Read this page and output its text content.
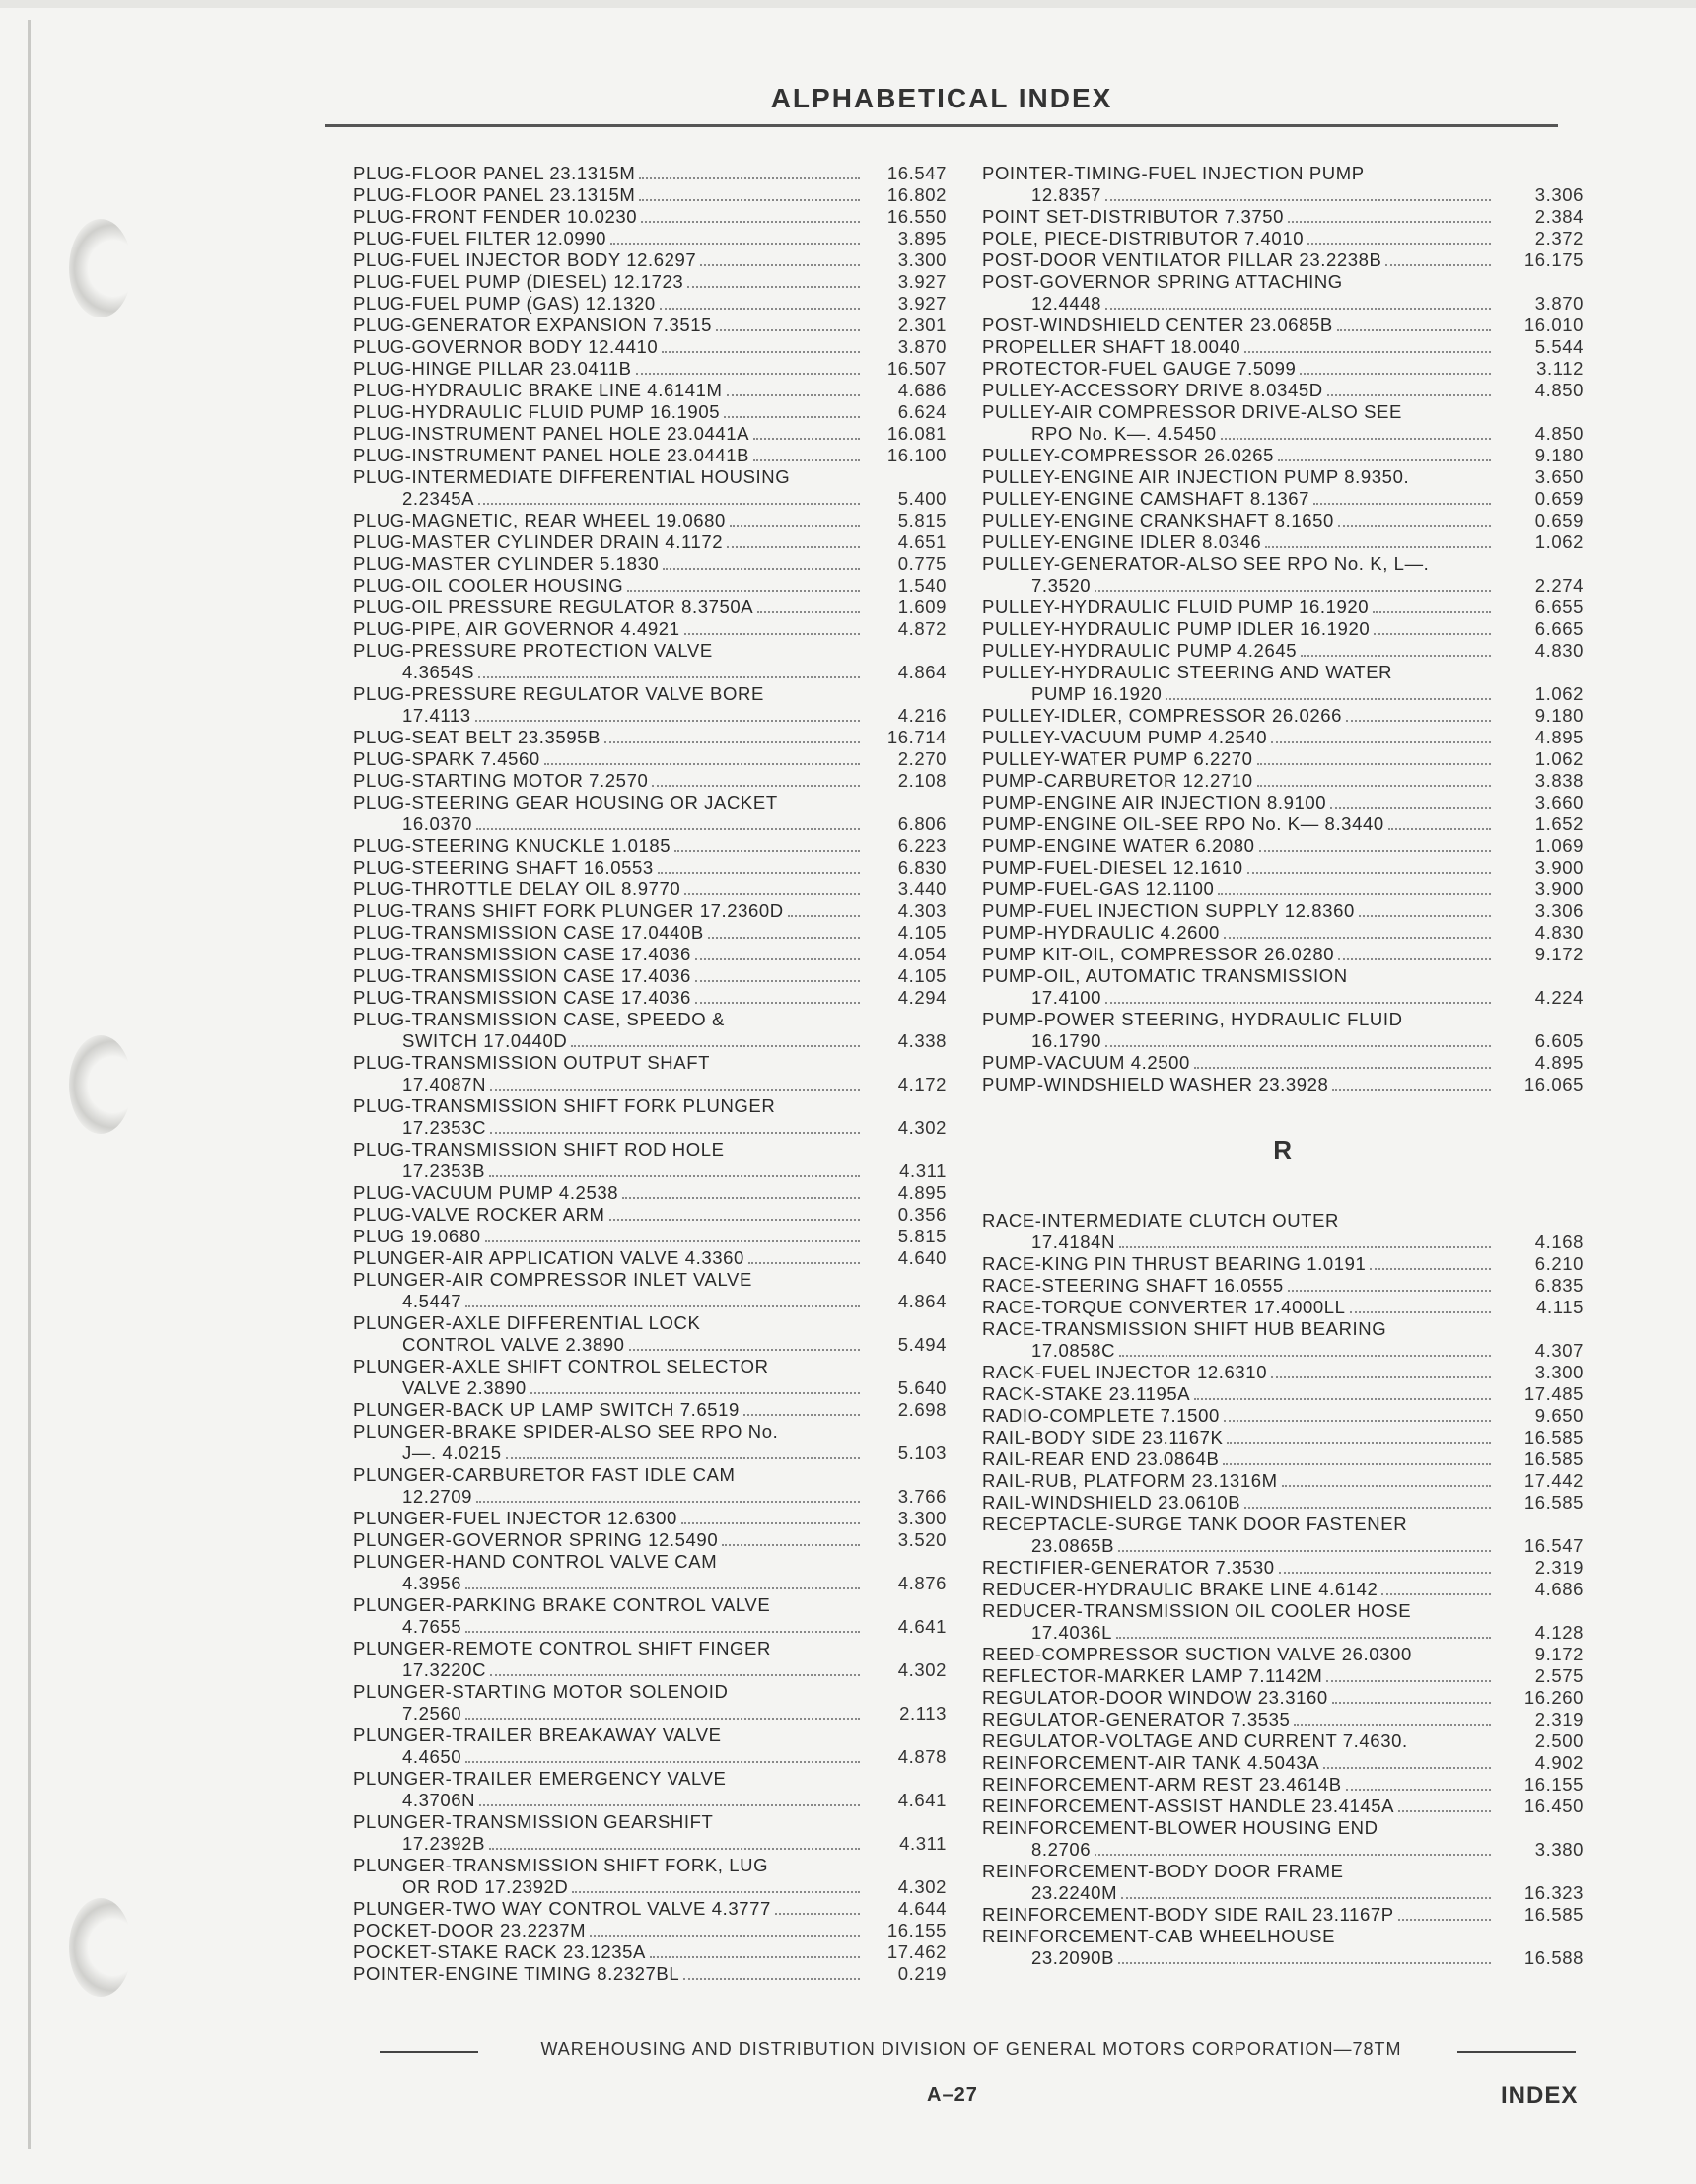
ALPHABETICAL INDEX
PLUG-FLOOR PANEL 23.1315M	16.547
PLUG-FLOOR PANEL 23.1315M	16.802
PLUG-FRONT FENDER 10.0230	16.550
PLUG-FUEL FILTER 12.0990	3.895
PLUG-FUEL INJECTOR BODY 12.6297	3.300
PLUG-FUEL PUMP (DIESEL) 12.1723	3.927
PLUG-FUEL PUMP (GAS) 12.1320	3.927
PLUG-GENERATOR EXPANSION 7.3515	2.301
PLUG-GOVERNOR BODY 12.4410	3.870
PLUG-HINGE PILLAR 23.0411B	16.507
PLUG-HYDRAULIC BRAKE LINE 4.6141M	4.686
PLUG-HYDRAULIC FLUID PUMP 16.1905	6.624
PLUG-INSTRUMENT PANEL HOLE 23.0441A	16.081
PLUG-INSTRUMENT PANEL HOLE 23.0441B	16.100
PLUG-INTERMEDIATE DIFFERENTIAL HOUSING
2.2345A	5.400
PLUG-MAGNETIC, REAR WHEEL 19.0680	5.815
PLUG-MASTER CYLINDER DRAIN 4.1172	4.651
PLUG-MASTER CYLINDER 5.1830	0.775
PLUG-OIL COOLER HOUSING	1.540
PLUG-OIL PRESSURE REGULATOR 8.3750A	1.609
PLUG-PIPE, AIR GOVERNOR 4.4921	4.872
PLUG-PRESSURE PROTECTION VALVE
4.3654S	4.864
PLUG-PRESSURE REGULATOR VALVE BORE
17.4113	4.216
PLUG-SEAT BELT 23.3595B	16.714
PLUG-SPARK 7.4560	2.270
PLUG-STARTING MOTOR 7.2570	2.108
PLUG-STEERING GEAR HOUSING OR JACKET
16.0370	6.806
PLUG-STEERING KNUCKLE 1.0185	6.223
PLUG-STEERING SHAFT 16.0553	6.830
PLUG-THROTTLE DELAY OIL 8.9770	3.440
PLUG-TRANS SHIFT FORK PLUNGER 17.2360D	4.303
PLUG-TRANSMISSION CASE 17.0440B	4.105
PLUG-TRANSMISSION CASE 17.4036	4.054
PLUG-TRANSMISSION CASE 17.4036	4.105
PLUG-TRANSMISSION CASE 17.4036	4.294
PLUG-TRANSMISSION CASE, SPEEDO &
SWITCH 17.0440D	4.338
PLUG-TRANSMISSION OUTPUT SHAFT
17.4087N	4.172
PLUG-TRANSMISSION SHIFT FORK PLUNGER
17.2353C	4.302
PLUG-TRANSMISSION SHIFT ROD HOLE
17.2353B	4.311
PLUG-VACUUM PUMP 4.2538	4.895
PLUG-VALVE ROCKER ARM	0.356
PLUG 19.0680	5.815
PLUNGER-AIR APPLICATION VALVE 4.3360	4.640
PLUNGER-AIR COMPRESSOR INLET VALVE
4.5447	4.864
PLUNGER-AXLE DIFFERENTIAL LOCK
CONTROL VALVE 2.3890	5.494
PLUNGER-AXLE SHIFT CONTROL SELECTOR
VALVE 2.3890	5.640
PLUNGER-BACK UP LAMP SWITCH 7.6519	2.698
PLUNGER-BRAKE SPIDER-ALSO SEE RPO No.
J—. 4.0215	5.103
PLUNGER-CARBURETOR FAST IDLE CAM
12.2709	3.766
PLUNGER-FUEL INJECTOR 12.6300	3.300
PLUNGER-GOVERNOR SPRING 12.5490	3.520
PLUNGER-HAND CONTROL VALVE CAM
4.3956	4.876
PLUNGER-PARKING BRAKE CONTROL VALVE
4.7655	4.641
PLUNGER-REMOTE CONTROL SHIFT FINGER
17.3220C	4.302
PLUNGER-STARTING MOTOR SOLENOID
7.2560	2.113
PLUNGER-TRAILER BREAKAWAY VALVE
4.4650	4.878
PLUNGER-TRAILER EMERGENCY VALVE
4.3706N	4.641
PLUNGER-TRANSMISSION GEARSHIFT
17.2392B	4.311
PLUNGER-TRANSMISSION SHIFT FORK, LUG
OR ROD 17.2392D	4.302
PLUNGER-TWO WAY CONTROL VALVE 4.3777	4.644
POCKET-DOOR 23.2237M	16.155
POCKET-STAKE RACK 23.1235A	17.462
POINTER-ENGINE TIMING 8.2327BL	0.219
POINTER-TIMING-FUEL INJECTION PUMP
12.8357	3.306
POINT SET-DISTRIBUTOR 7.3750	2.384
POLE, PIECE-DISTRIBUTOR 7.4010	2.372
POST-DOOR VENTILATOR PILLAR 23.2238B	16.175
POST-GOVERNOR SPRING ATTACHING
12.4448	3.870
POST-WINDSHIELD CENTER 23.0685B	16.010
PROPELLER SHAFT 18.0040	5.544
PROTECTOR-FUEL GAUGE 7.5099	3.112
PULLEY-ACCESSORY DRIVE 8.0345D	4.850
PULLEY-AIR COMPRESSOR DRIVE-ALSO SEE
RPO No. K—. 4.5450	4.850
PULLEY-COMPRESSOR 26.0265	9.180
PULLEY-ENGINE AIR INJECTION PUMP 8.9350.	3.650
PULLEY-ENGINE CAMSHAFT 8.1367	0.659
PULLEY-ENGINE CRANKSHAFT 8.1650	0.659
PULLEY-ENGINE IDLER 8.0346	1.062
PULLEY-GENERATOR-ALSO SEE RPO No. K, L—.
7.3520	2.274
PULLEY-HYDRAULIC FLUID PUMP 16.1920	6.655
PULLEY-HYDRAULIC PUMP IDLER 16.1920	6.665
PULLEY-HYDRAULIC PUMP 4.2645	4.830
PULLEY-HYDRAULIC STEERING AND WATER
PUMP 16.1920	1.062
PULLEY-IDLER, COMPRESSOR 26.0266	9.180
PULLEY-VACUUM PUMP 4.2540	4.895
PULLEY-WATER PUMP 6.2270	1.062
PUMP-CARBURETOR 12.2710	3.838
PUMP-ENGINE AIR INJECTION 8.9100	3.660
PUMP-ENGINE OIL-SEE RPO No. K— 8.3440	1.652
PUMP-ENGINE WATER 6.2080	1.069
PUMP-FUEL-DIESEL 12.1610	3.900
PUMP-FUEL-GAS 12.1100	3.900
PUMP-FUEL INJECTION SUPPLY 12.8360	3.306
PUMP-HYDRAULIC 4.2600	4.830
PUMP KIT-OIL, COMPRESSOR 26.0280	9.172
PUMP-OIL, AUTOMATIC TRANSMISSION
17.4100	4.224
PUMP-POWER STEERING, HYDRAULIC FLUID
16.1790	6.605
PUMP-VACUUM 4.2500	4.895
PUMP-WINDSHIELD WASHER 23.3928	16.065
R
RACE-INTERMEDIATE CLUTCH OUTER
17.4184N	4.168
RACE-KING PIN THRUST BEARING 1.0191	6.210
RACE-STEERING SHAFT 16.0555	6.835
RACE-TORQUE CONVERTER 17.4000LL	4.115
RACE-TRANSMISSION SHIFT HUB BEARING
17.0858C	4.307
RACK-FUEL INJECTOR 12.6310	3.300
RACK-STAKE 23.1195A	17.485
RADIO-COMPLETE 7.1500	9.650
RAIL-BODY SIDE 23.1167K	16.585
RAIL-REAR END 23.0864B	16.585
RAIL-RUB, PLATFORM 23.1316M	17.442
RAIL-WINDSHIELD 23.0610B	16.585
RECEPTACLE-SURGE TANK DOOR FASTENER
23.0865B	16.547
RECTIFIER-GENERATOR 7.3530	2.319
REDUCER-HYDRAULIC BRAKE LINE 4.6142	4.686
REDUCER-TRANSMISSION OIL COOLER HOSE
17.4036L	4.128
REED-COMPRESSOR SUCTION VALVE 26.0300	9.172
REFLECTOR-MARKER LAMP 7.1142M	2.575
REGULATOR-DOOR WINDOW 23.3160	16.260
REGULATOR-GENERATOR 7.3535	2.319
REGULATOR-VOLTAGE AND CURRENT 7.4630.	2.500
REINFORCEMENT-AIR TANK 4.5043A	4.902
REINFORCEMENT-ARM REST 23.4614B	16.155
REINFORCEMENT-ASSIST HANDLE 23.4145A	16.450
REINFORCEMENT-BLOWER HOUSING END
8.2706	3.380
REINFORCEMENT-BODY DOOR FRAME
23.2240M	16.323
REINFORCEMENT-BODY SIDE RAIL 23.1167P	16.585
REINFORCEMENT-CAB WHEELHOUSE
23.2090B	16.588
WAREHOUSING AND DISTRIBUTION DIVISION OF GENERAL MOTORS CORPORATION—78TM
A–27	INDEX
